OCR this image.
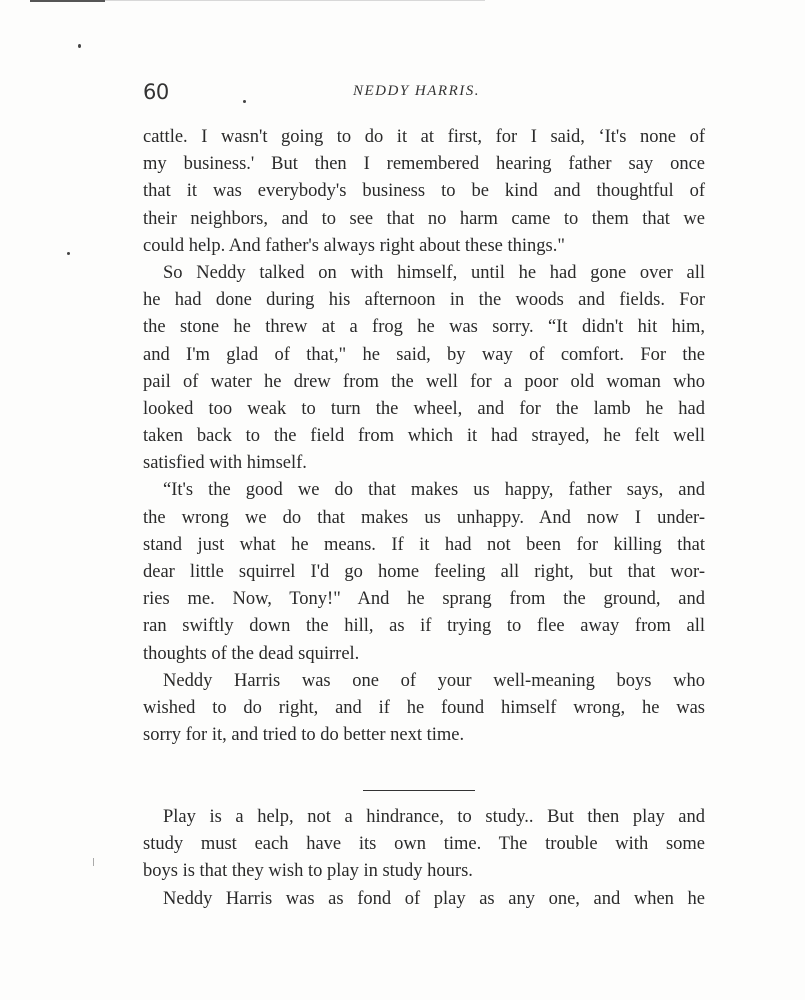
60	NEDDY HARRIS.
cattle. I wasn't going to do it at first, for I said, ‘It's none of
my business.' But then I remembered hearing father say once
that it was everybody's business to be kind and thoughtful of
their neighbors, and to see that no harm came to them that we
could help. And father's always right about these things."
So Neddy talked on with himself, until he had gone over all
he had done during his afternoon in the woods and fields. For
the stone he threw at a frog he was sorry. “It didn't hit him,
and I'm glad of that," he said, by way of comfort. For the
pail of water he drew from the well for a poor old woman who
looked too weak to turn the wheel, and for the lamb he had
taken back to the field from which it had strayed, he felt well
satisfied with himself.
“It's the good we do that makes us happy, father says, and
the wrong we do that makes us unhappy. And now I under-
stand just what he means. If it had not been for killing that
dear little squirrel I'd go home feeling all right, but that wor-
ries me. Now, Tony!" And he sprang from the ground, and
ran swiftly down the hill, as if trying to flee away from all
thoughts of the dead squirrel.
Neddy Harris was one of your well-meaning boys who
wished to do right, and if he found himself wrong, he was
sorry for it, and tried to do better next time.
Play is a help, not a hindrance, to study.. But then play and
study must each have its own time. The trouble with some
boys is that they wish to play in study hours.
Neddy Harris was as fond of play as any one, and when he
